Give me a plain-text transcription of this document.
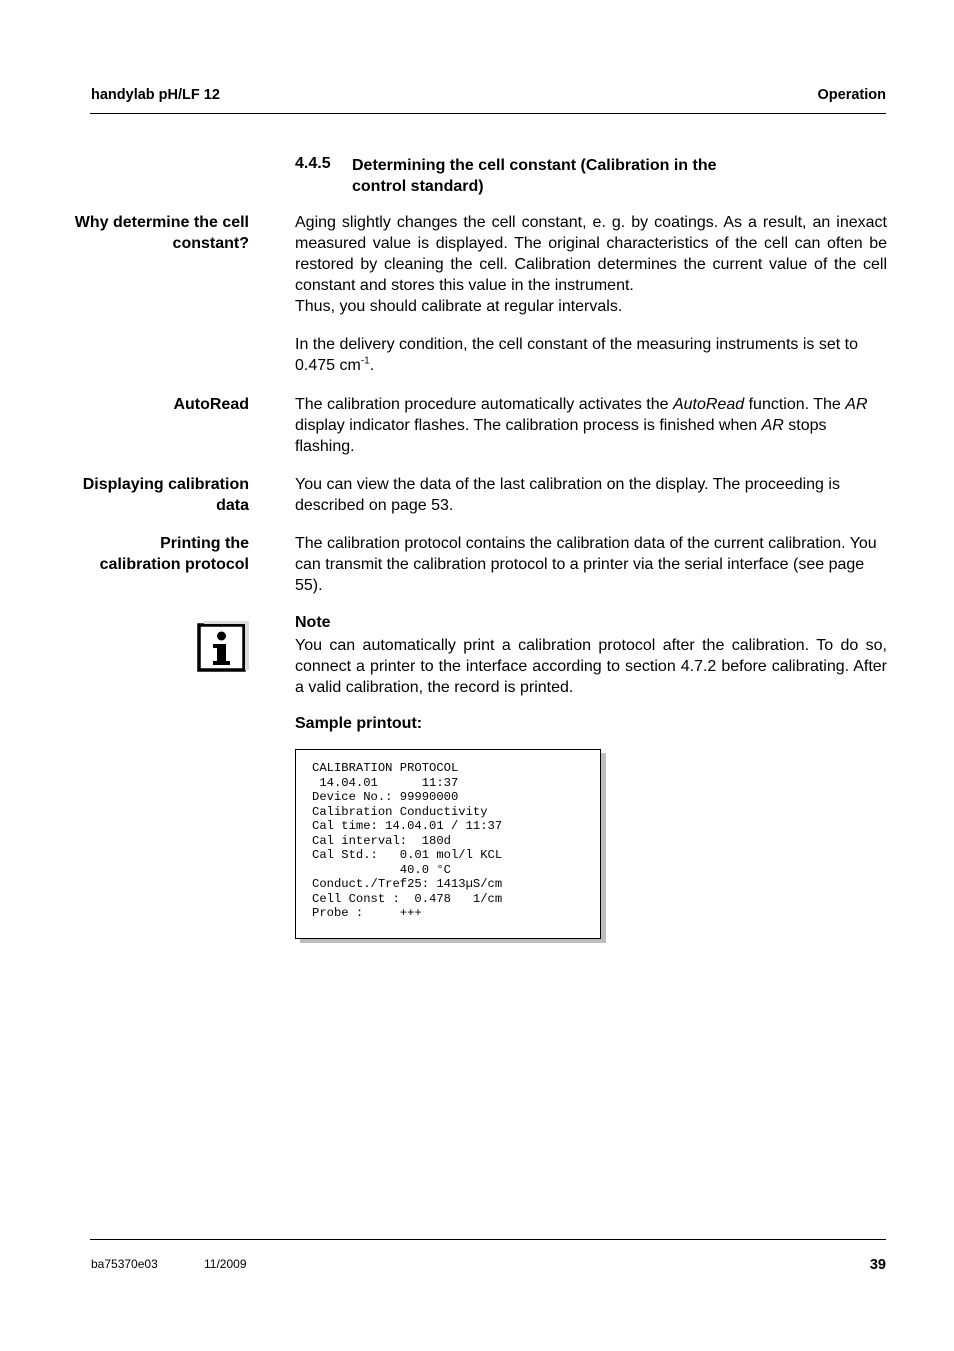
handylab pH/LF 12	Operation
4.4.5 Determining the cell constant (Calibration in the control standard)
Why determine the cell constant?

Aging slightly changes the cell constant, e. g. by coatings. As a result, an inexact measured value is displayed. The original characteristics of the cell can often be restored by cleaning the cell. Calibration determines the current value of the cell constant and stores this value in the instrument.

Thus, you should calibrate at regular intervals.

In the delivery condition, the cell constant of the measuring instruments is set to 0.475 $cm^{-1}$.

AutoRead	The calibration procedure automatically activates the AutoRead function. The AR display indicator flashes. The calibration process is finished when AR stops flashing.

Displaying calibration data

You can view the data of the last calibration on the display. The proceeding is described on page 53.

Printing the calibration protocol

The calibration protocol contains the calibration data of the current calibration. You can transmit the calibration protocol to a printer via the serial interface (see page 55).

Note

You can automatically print a calibration protocol after the calibration. To do so, connect a printer to the interface according to section 4.7.2 before calibrating. After a valid calibration, the record is printed.

Sample printout:
CALIBRATION PROTOCOL
14.04.01      11:37
Device No.: 99990000
Calibration Conductivity
Cal time: 14.04.01 / 11:37
Cal interval:  180d
Cal Std.:   0.01 mol/l KCL
40.0 °C
Conduct./Tref25: 1413µS/cm
Cell Const :  0.478   1/cm
Probe :     +++
ba75370e03	11/2009	39
